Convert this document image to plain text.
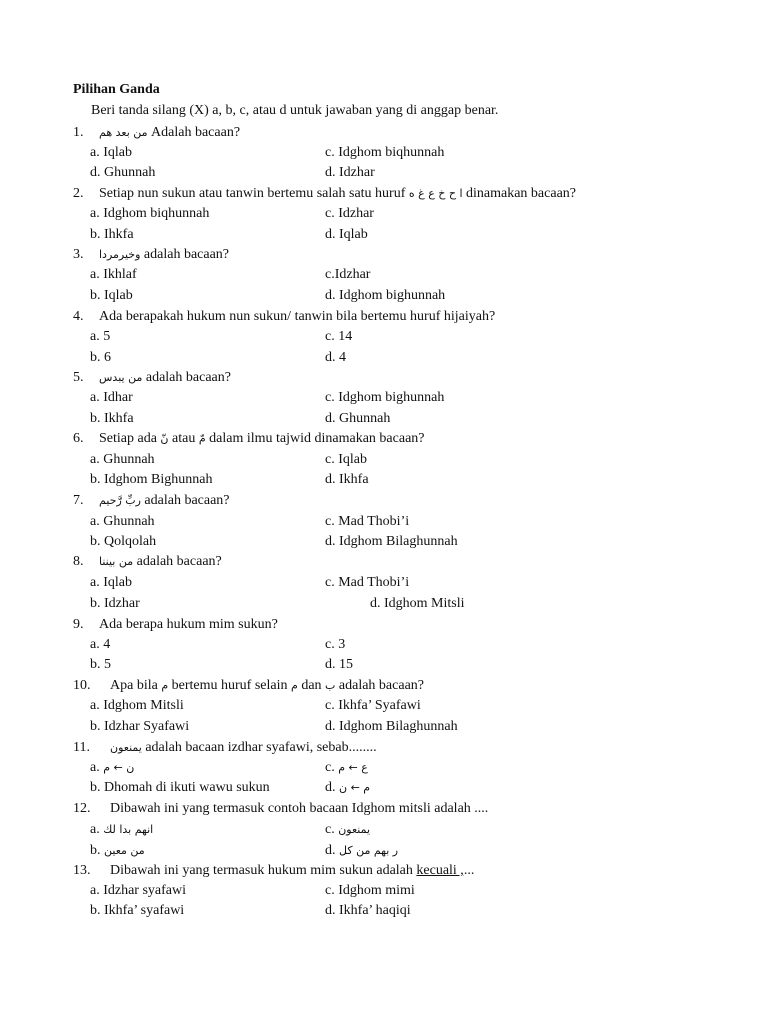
Pilihan Ganda
Beri tanda silang (X) a, b, c, atau d untuk jawaban yang di anggap benar.
1. من بعد هم Adalah bacaan?
a. Iqlab	c. Idghom biqhunnah
d. Ghunnah	d. Idzhar
2. Setiap nun sukun atau tanwin bertemu salah satu huruf ا ح خ ع غ ه dinamakan bacaan?
a. Idghom biqhunnah	c. Idzhar
b. Ihkfa	d. Iqlab
3. وخيرمردا adalah bacaan?
a. Ikhlaf	c.Idzhar
b. Iqlab	d. Idghom bighunnah
4. Ada berapakah hukum nun sukun/ tanwin bila bertemu huruf hijaiyah?
a. 5	c. 14
b. 6	d. 4
5. من يبدس adalah bacaan?
a. Idhar	c. Idghom bighunnah
b. Ikhfa	d. Ghunnah
6. Setiap ada نّ atau مّ dalam ilmu tajwid dinamakan bacaan?
a. Ghunnah	c. Iqlab
b. Idghom Bighunnah	d. Ikhfa
7. ربِّ رَّحيم adalah bacaan?
a. Ghunnah	c. Mad Thobi’i
b. Qolqolah	d. Idghom Bilaghunnah
8. من بيننا adalah bacaan?
a. Iqlab	c. Mad Thobi’i
b. Idzhar	d. Idghom Mitsli
9. Ada berapa hukum mim sukun?
a. 4	c. 3
b. 5	d. 15
10. Apa bila م bertemu huruf selain م dan ب adalah bacaan?
a. Idghom Mitsli	c. Ikhfa’ Syafawi
b. Idzhar Syafawi	d. Idghom Bilaghunnah
11. يمنعون adalah bacaan izdhar syafawi, sebab........
a. ن ← م	c. ع ← م
b. Dhomah di ikuti wawu sukun	d. م ← ن
12. Dibawah ini yang termasuk contoh bacaan Idghom mitsli adalah ....
a. انهم بدا لك	c. يمنعون
b. من معين	d. ر بهم من كل
13. Dibawah ini yang termasuk hukum mim sukun adalah kecuali ,...
a. Idzhar syafawi	c. Idghom mimi
b. Ikhfa’ syafawi	d. Ikhfa’ haqiqi
